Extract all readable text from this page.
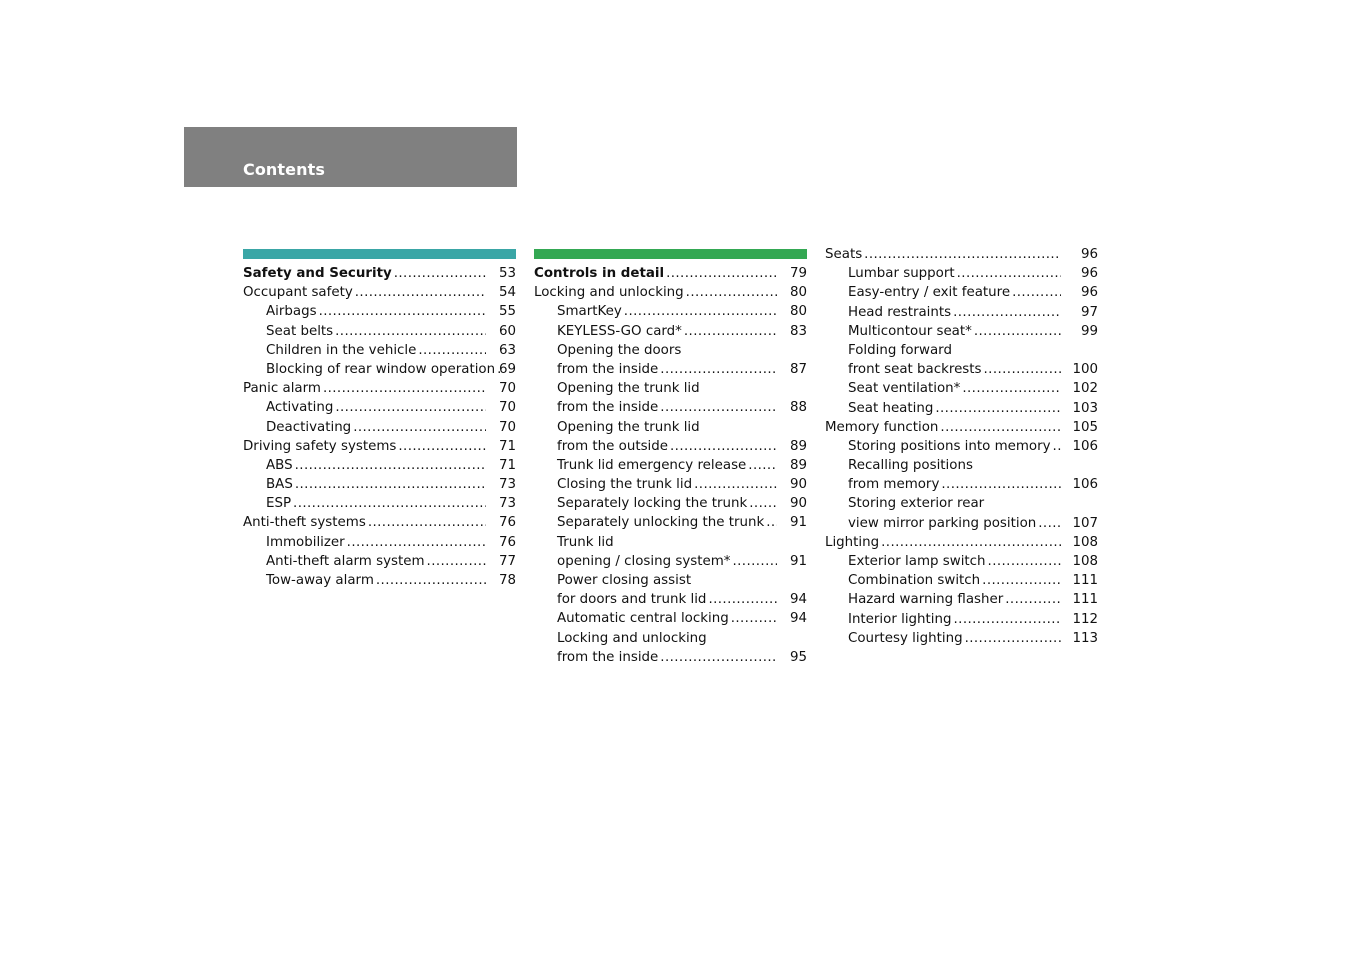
Contents
Safety and Security .....	53
Occupant safety .....	54
Airbags .....	55
Seat belts .....	60
Children in the vehicle .....	63
Blocking of rear window operation ..... 69
Panic alarm .....	70
Activating .....	70
Deactivating .....	70
Driving safety systems .....	71
ABS .....	71
BAS .....	73
ESP .....	73
Anti-theft systems .....	76
Immobilizer .....	76
Anti-theft alarm system .....	77
Tow-away alarm .....	78
Controls in detail .....	79
Locking and unlocking .....	80
SmartKey .....	80
KEYLESS-GO card* .....	83
Opening the doors
from the inside .....	87
Opening the trunk lid
from the inside .....	88
Opening the trunk lid
from the outside .....	89
Trunk lid emergency release .....	89
Closing the trunk lid .....	90
Separately locking the trunk .....	90
Separately unlocking the trunk .....	91
Trunk lid
opening / closing system* .....	91
Power closing assist
for doors and trunk lid .....	94
Automatic central locking .....	94
Locking and unlocking
from the inside .....	95
Seats .....	96
Lumbar support .....	96
Easy-entry / exit feature .....	96
Head restraints .....	97
Multicontour seat* .....	99
Folding forward
front seat backrests .....	100
Seat ventilation* .....	102
Seat heating .....	103
Memory function .....	105
Storing positions into memory .....	106
Recalling positions
from memory .....	106
Storing exterior rear
view mirror parking position .....	107
Lighting .....	108
Exterior lamp switch .....	108
Combination switch .....	111
Hazard warning flasher .....	111
Interior lighting .....	112
Courtesy lighting .....	113
